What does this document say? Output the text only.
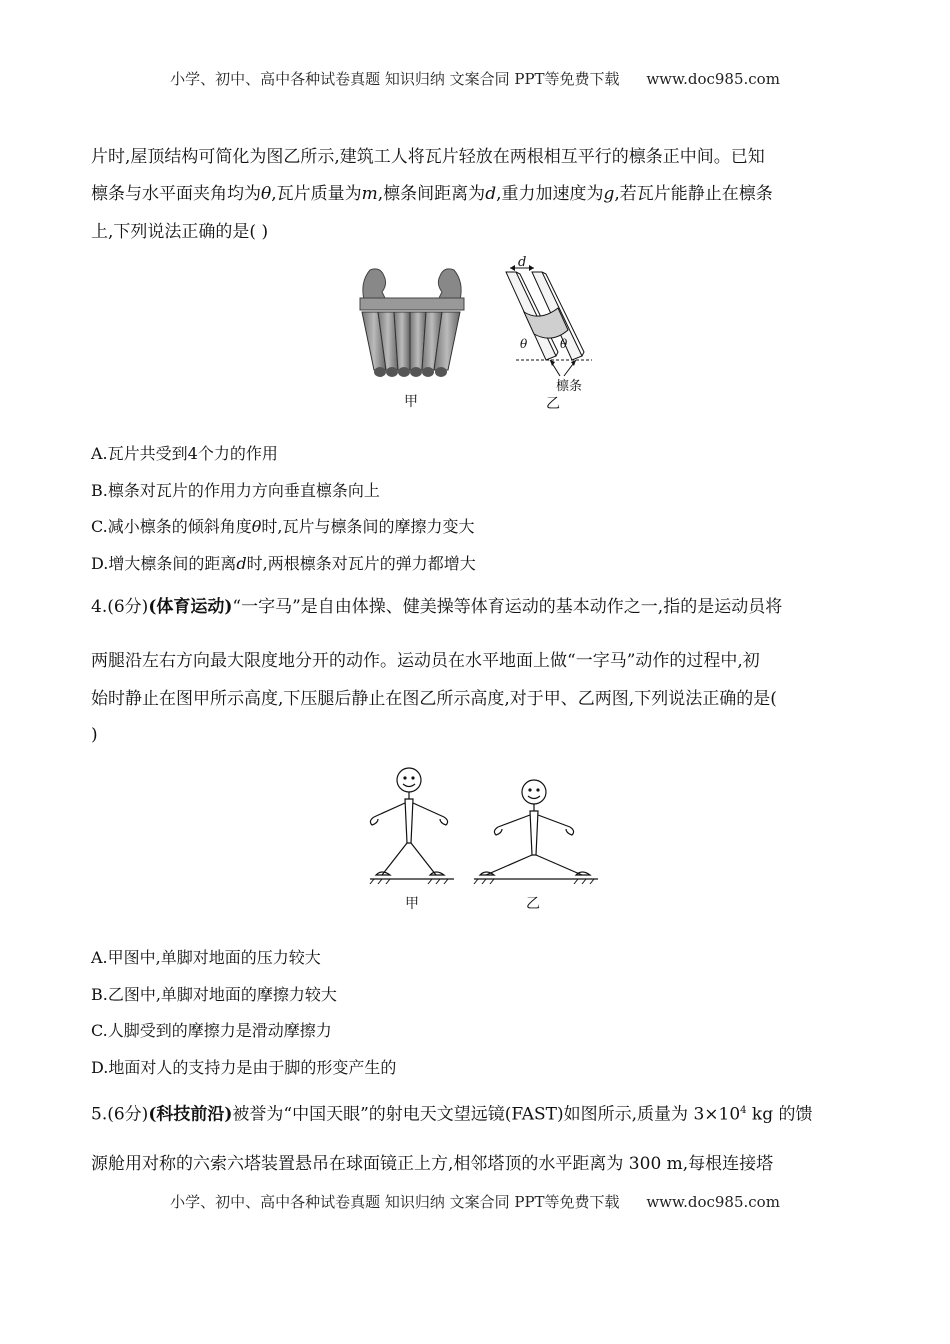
小学、初中、高中各种试卷真题 知识归纳 文案合同 PPT等免费下载 www.doc985.com
片时,屋顶结构可简化为图乙所示,建筑工人将瓦片轻放在两根相互平行的檩条正中间。已知
檩条与水平面夹角均为θ,瓦片质量为m,檩条间距离为d,重力加速度为g,若瓦片能静止在檩条
上,下列说法正确的是( )
甲
d
θ	θ
檩条
乙
A.瓦片共受到4个力的作用
B.檩条对瓦片的作用力方向垂直檩条向上
C.减小檩条的倾斜角度θ时,瓦片与檩条间的摩擦力变大
D.增大檩条间的距离d时,两根檩条对瓦片的弹力都增大
4.(6分)(体育运动)“一字马”是自由体操、健美操等体育运动的基本动作之一,指的是运动员将
两腿沿左右方向最大限度地分开的动作。运动员在水平地面上做“一字马”动作的过程中,初
始时静止在图甲所示高度,下压腿后静止在图乙所示高度,对于甲、乙两图,下列说法正确的是(
)
甲	乙
A.甲图中,单脚对地面的压力较大
B.乙图中,单脚对地面的摩擦力较大
C.人脚受到的摩擦力是滑动摩擦力
D.地面对人的支持力是由于脚的形变产生的
5.(6分)(科技前沿)被誉为“中国天眼”的射电天文望远镜(FAST)如图所示,质量为 $3\times 10^4$ kg 的馈
源舱用对称的六索六塔装置悬吊在球面镜正上方,相邻塔顶的水平距离为 300 m,每根连接塔
小学、初中、高中各种试卷真题 知识归纳 文案合同 PPT等免费下载 www.doc985.com
